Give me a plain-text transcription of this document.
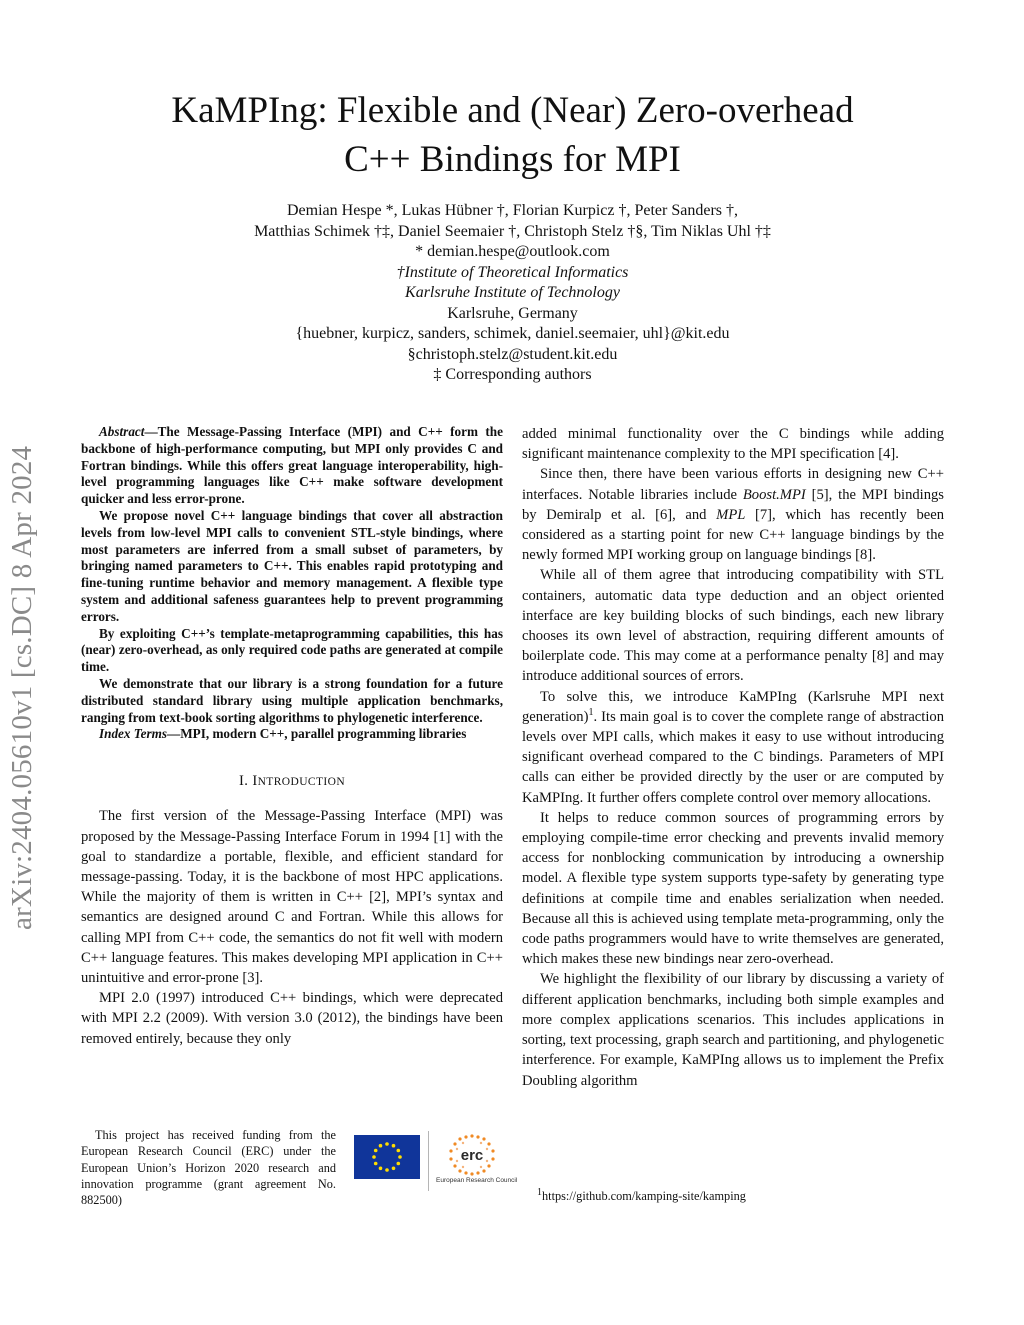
arXiv:2404.05610v1 [cs.DC] 8 Apr 2024
KaMPIng: Flexible and (Near) Zero-overhead
C++ Bindings for MPI
Demian Hespe *, Lukas Hübner †, Florian Kurpicz †, Peter Sanders †,
Matthias Schimek †‡, Daniel Seemaier †, Christoph Stelz †§, Tim Niklas Uhl †‡
* demian.hespe@outlook.com
†Institute of Theoretical Informatics
Karlsruhe Institute of Technology
Karlsruhe, Germany
{huebner, kurpicz, sanders, schimek, daniel.seemaier, uhl}@kit.edu
§christoph.stelz@student.kit.edu
‡ Corresponding authors

Abstract—The Message-Passing Interface (MPI) and C++ form the backbone of high-performance computing, but MPI only provides C and Fortran bindings. While this offers great language interoperability, high-level programming languages like C++ make software development quicker and less error-prone.

We propose novel C++ language bindings that cover all abstraction levels from low-level MPI calls to convenient STL-style bindings, where most parameters are inferred from a small subset of parameters, by bringing named parameters to C++. This enables rapid prototyping and fine-tuning runtime behavior and memory management. A flexible type system and additional safeness guarantees help to prevent programming errors.

By exploiting C++’s template-metaprogramming capabilities, this has (near) zero-overhead, as only required code paths are generated at compile time.

We demonstrate that our library is a strong foundation for a future distributed standard library using multiple application benchmarks, ranging from text-book sorting algorithms to phylogenetic interference.

Index Terms—MPI, modern C++, parallel programming libraries

I. INTRODUCTION

The first version of the Message-Passing Interface (MPI) was proposed by the Message-Passing Interface Forum in 1994 [1] with the goal to standardize a portable, flexible, and efficient standard for message-passing. Today, it is the backbone of most HPC applications. While the majority of them is written in C++ [2], MPI’s syntax and semantics are designed around C and Fortran. While this allows for calling MPI from C++ code, the semantics do not fit well with modern C++ language features. This makes developing MPI application in C++ unintuitive and error-prone [3].

MPI 2.0 (1997) introduced C++ bindings, which were deprecated with MPI 2.2 (2009). With version 3.0 (2012), the bindings have been removed entirely, because they only

This project has received funding from the European Research Council (ERC) under the European Union’s Horizon 2020 research and innovation programme (grant agreement No. 882500)

erc
European Research Council

added minimal functionality over the C bindings while adding significant maintenance complexity to the MPI specification [4].

Since then, there have been various efforts in designing new C++ interfaces. Notable libraries include Boost.MPI [5], the MPI bindings by Demiralp et al. [6], and MPL [7], which has recently been considered as a starting point for new C++ language bindings by the newly formed MPI working group on language bindings [8].

While all of them agree that introducing compatibility with STL containers, automatic data type deduction and an object oriented interface are key building blocks of such bindings, each new library chooses its own level of abstraction, requiring different amounts of boilerplate code. This may come at a performance penalty [8] and may introduce additional sources of errors.

To solve this, we introduce KaMPIng (Karlsruhe MPI next generation)$^1$. Its main goal is to cover the complete range of abstraction levels over MPI calls, which makes it easy to use without introducing significant overhead compared to the C bindings. Parameters of MPI calls can either be provided directly by the user or are computed by KaMPIng. It further offers complete control over memory allocations.

It helps to reduce common sources of programming errors by employing compile-time error checking and prevents invalid memory access for nonblocking communication by introducing a ownership model. A flexible type system supports type-safety by generating type definitions at compile time and enables serialization when needed. Because all this is achieved using template meta-programming, only the code paths programmers would have to write themselves are generated, which makes these new bindings near zero-overhead.

We highlight the flexibility of our library by discussing a variety of different application benchmarks, including both simple examples and more complex applications scenarios. This includes applications in sorting, text processing, graph search and partitioning, and phylogenetic interference. For example, KaMPIng allows us to implement the Prefix Doubling algorithm

$^1$https://github.com/kamping-site/kamping
